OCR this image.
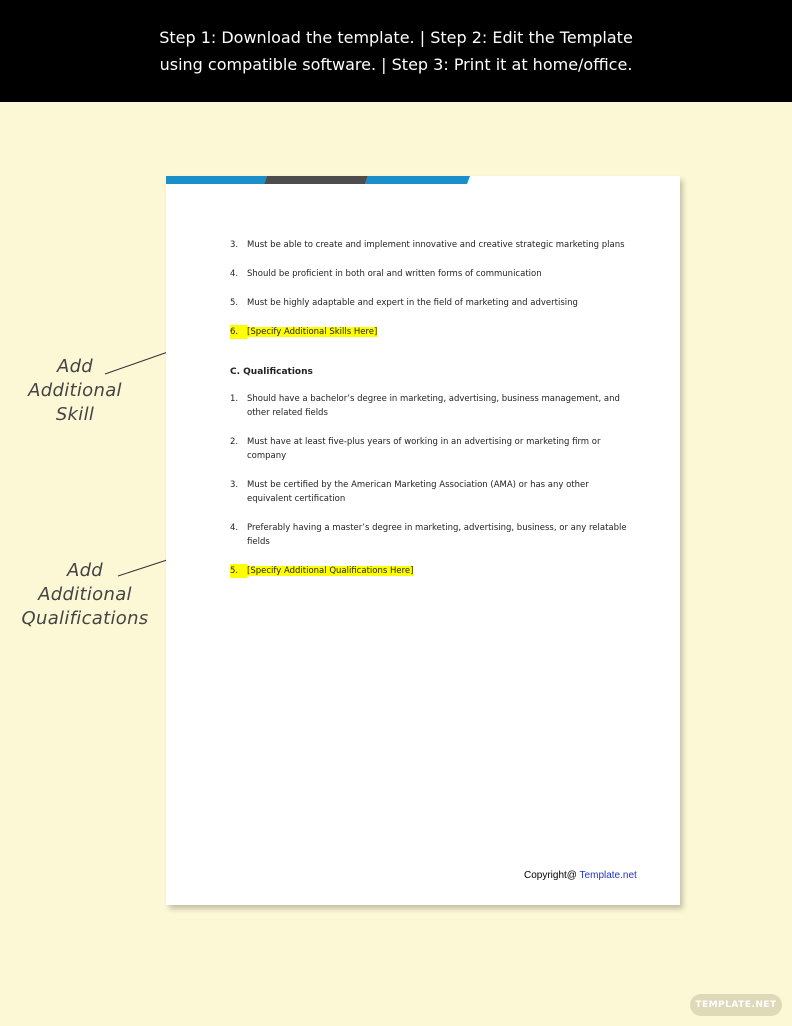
Step 1: Download the template. | Step 2: Edit the Template
using compatible software. | Step 3: Print it at home/office.
Add
Additional
Skill
Add
Additional
Qualifications
3.	Must be able to create and implement innovative and creative strategic marketing plans
4.	Should be proficient in both oral and written forms of communication
5.	Must be highly adaptable and expert in the field of marketing and advertising
6.	[Specify Additional Skills Here]
C. Qualifications
1.	Should have a bachelor’s degree in marketing, advertising, business management, and other related fields
2.	Must have at least five-plus years of working in an advertising or marketing firm or company
3.	Must be certified by the American Marketing Association (AMA) or has any other equivalent certification
4.	Preferably having a master’s degree in marketing, advertising, business, or any relatable fields
5.	[Specify Additional Qualifications Here]
Copyright@ Template.net
TEMPLATE.NET
